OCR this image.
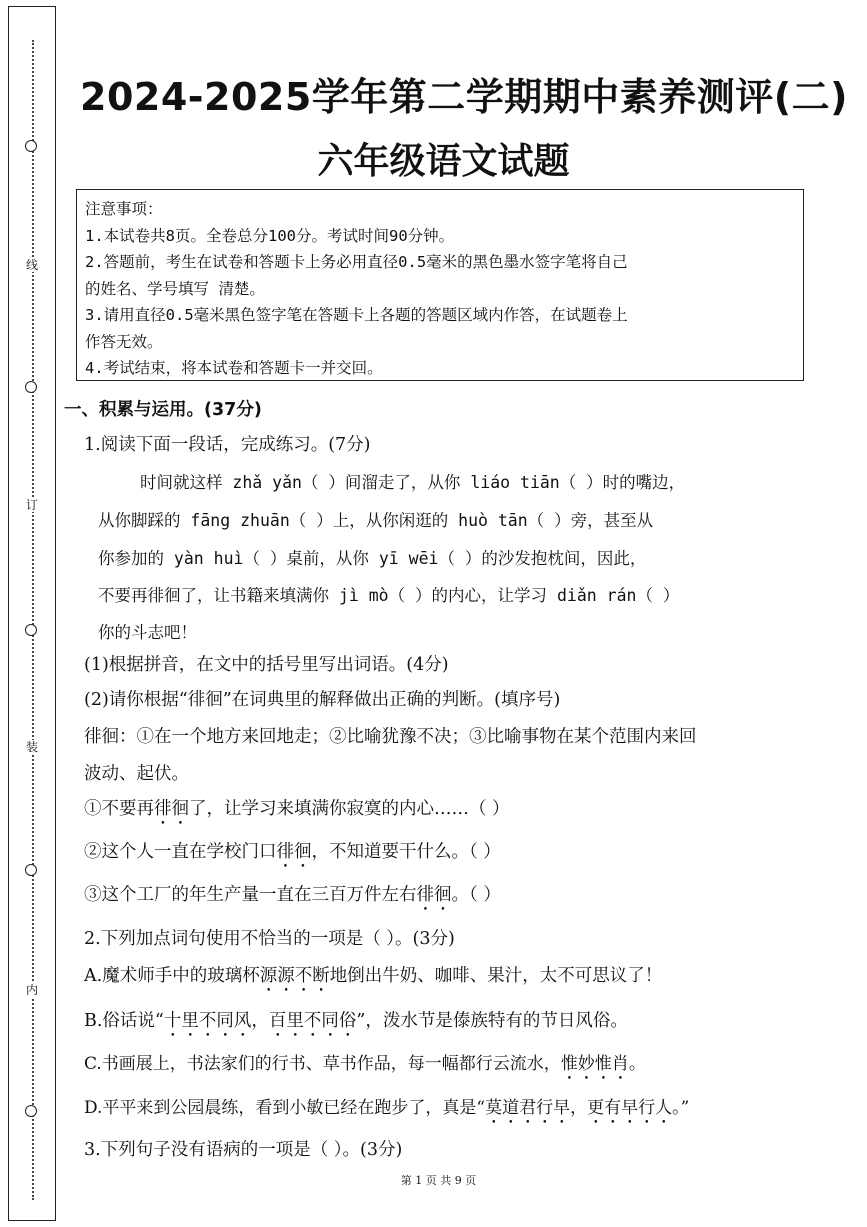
线
订
装
内
2024-2025学年第二学期期中素养测评(二)
六年级语文试题
注意事项：
1.本试卷共8页。全卷总分100分。考试时间90分钟。
2.答题前，考生在试卷和答题卡上务必用直径0.5毫米的黑色墨水签字笔将自己
的姓名、学号填写 清楚。
3.请用直径0.5毫米黑色签字笔在答题卡上各题的答题区域内作答，在试题卷上
作答无效。
4.考试结束，将本试卷和答题卡一并交回。
一、积累与运用。(37分)
1.阅读下面一段话，完成练习。(7分)
时间就这样 zhǎ yǎn（ ）间溜走了，从你 liáo tiān（ ）时的嘴边，
从你脚踩的 fāng zhuān（ ）上，从你闲逛的 huò tān（ ）旁，甚至从
你参加的 yàn huì（ ）桌前，从你 yī wēi（ ）的沙发抱枕间，因此，
不要再徘徊了，让书籍来填满你 jì mò（ ）的内心，让学习 diǎn rán（ ）
你的斗志吧！
(1)根据拼音，在文中的括号里写出词语。(4分)
(2)请你根据“徘徊”在词典里的解释做出正确的判断。(填序号)
徘徊：①在一个地方来回地走；②比喻犹豫不决；③比喻事物在某个范围内来回
波动、起伏。
①不要再徘徊了，让学习来填满你寂寞的内心……（ ）
②这个人一直在学校门口徘徊，不知道要干什么。（ ）
③这个工厂的年生产量一直在三百万件左右徘徊。（ ）
2.下列加点词句使用不恰当的一项是（ ）。(3分)
A.魔术师手中的玻璃杯源源不断地倒出牛奶、咖啡、果汁，太不可思议了！
B.俗话说“十里不同风，百里不同俗”，泼水节是傣族特有的节日风俗。
C.书画展上，书法家们的行书、草书作品，每一幅都行云流水，惟妙惟肖。
D.平平来到公园晨练，看到小敏已经在跑步了，真是“莫道君行早，更有早行人。”
3.下列句子没有语病的一项是（ ）。(3分)
第 1 页 共 9 页
